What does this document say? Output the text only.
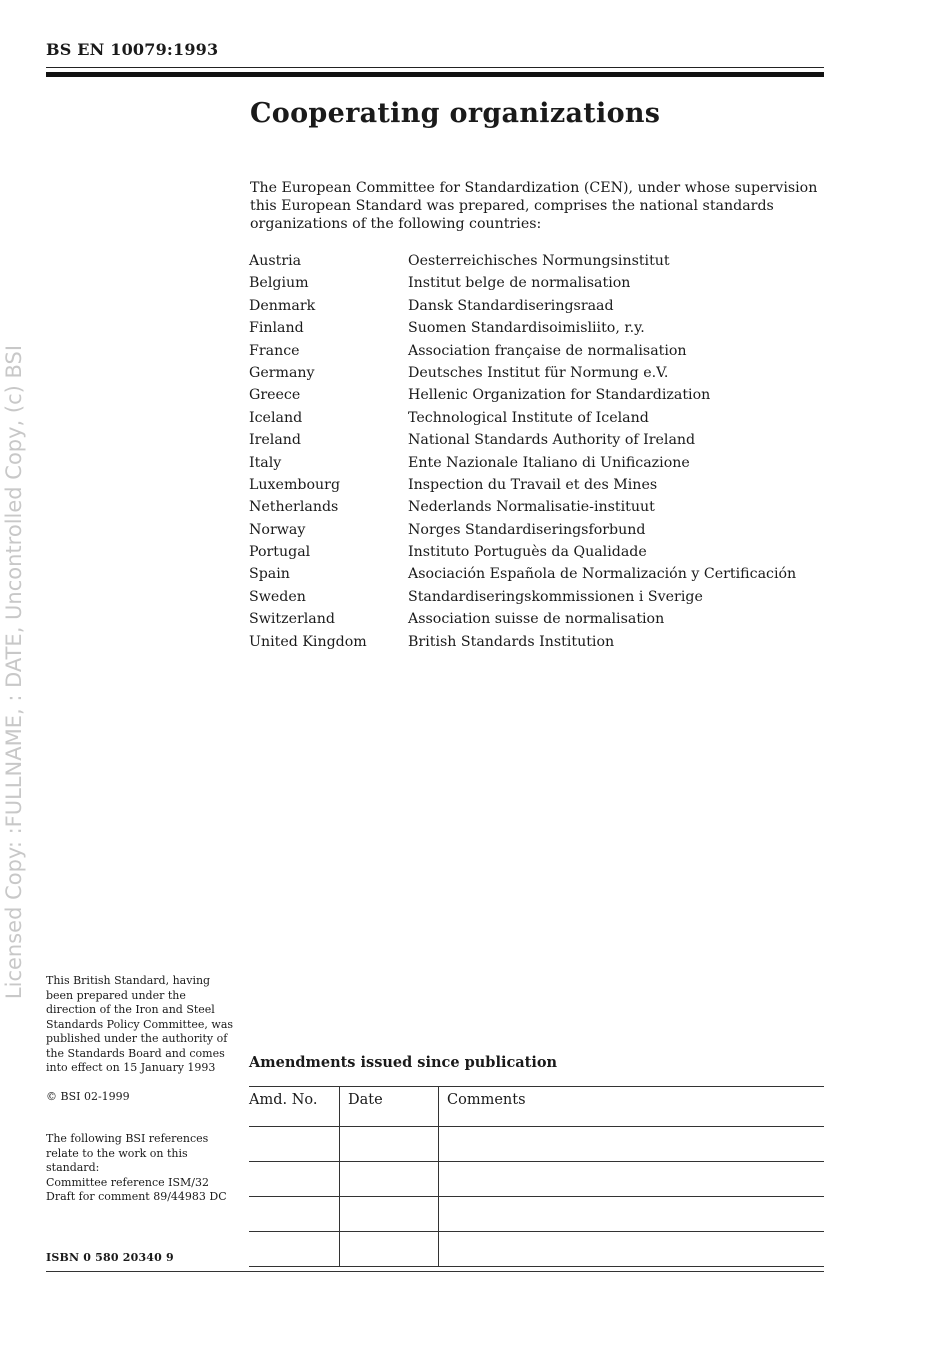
BS EN 10079:1993
Licensed Copy: :FULLNAME, : DATE, Uncontrolled Copy, (c) BSI
Cooperating organizations

The European Committee for Standardization (CEN), under whose supervision this European Standard was prepared, comprises the national standards organizations of the following countries:

Austria	Oesterreichisches Normungsinstitut
Belgium	Institut belge de normalisation
Denmark	Dansk Standardiseringsraad
Finland	Suomen Standardisoimisliito, r.y.
France	Association française de normalisation
Germany	Deutsches Institut für Normung e.V.
Greece	Hellenic Organization for Standardization
Iceland	Technological Institute of Iceland
Ireland	National Standards Authority of Ireland
Italy	Ente Nazionale Italiano di Unificazione
Luxembourg	Inspection du Travail et des Mines
Netherlands	Nederlands Normalisatie-instituut
Norway	Norges Standardiseringsforbund
Portugal	Instituto Portuguès da Qualidade
Spain	Asociación Española de Normalización y Certificación
Sweden	Standardiseringskommissionen i Sverige
Switzerland	Association suisse de normalisation
United Kingdom	British Standards Institution

This British Standard, having been prepared under the direction of the Iron and Steel Standards Policy Committee, was published under the authority of the Standards Board and comes into effect on 15 January 1993

© BSI 02-1999

The following BSI references relate to the work on this standard:

Committee reference ISM/32

Draft for comment 89/44983 DC

ISBN 0 580 20340 9
Amendments issued since publication
Amd. No.	Date	Comments
